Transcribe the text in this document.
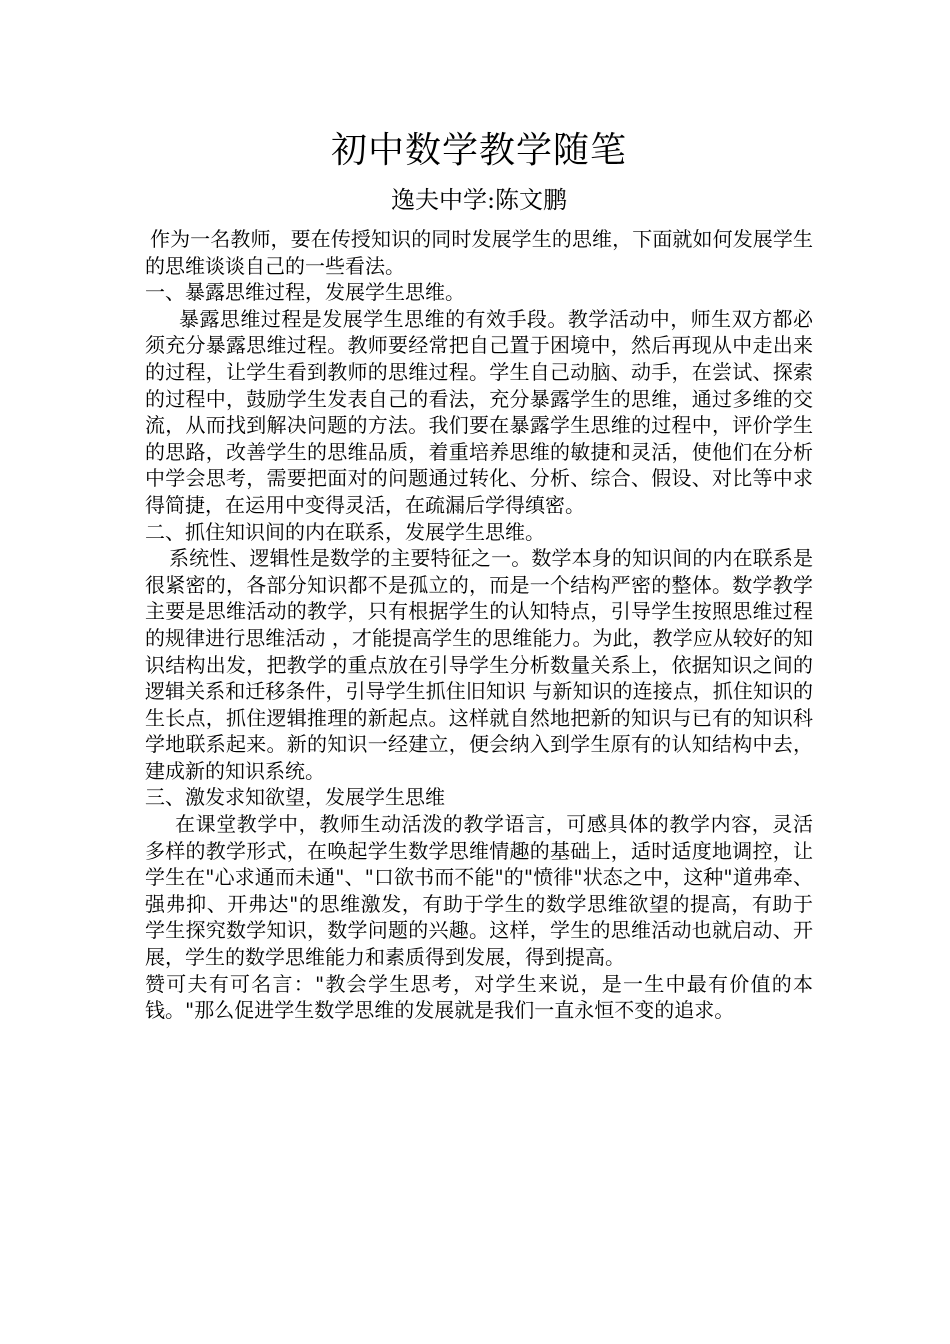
初中数学教学随笔
逸夫中学:陈文鹏

作为一名教师，要在传授知识的同时发展学生的思维，下面就如何发展学生的思维谈谈自己的一些看法。

一、暴露思维过程，发展学生思维。

暴露思维过程是发展学生思维的有效手段。教学活动中，师生双方都必须充分暴露思维过程。教师要经常把自己置于困境中，然后再现从中走出来的过程，让学生看到教师的思维过程。学生自己动脑、动手，在尝试、探索的过程中，鼓励学生发表自己的看法，充分暴露学生的思维，通过多维的交流，从而找到解决问题的方法。我们要在暴露学生思维的过程中，评价学生的思路，改善学生的思维品质，着重培养思维的敏捷和灵活，使他们在分析中学会思考，需要把面对的问题通过转化、分析、综合、假设、对比等中求得简捷，在运用中变得灵活，在疏漏后学得缜密。

二、抓住知识间的内在联系，发展学生思维。

系统性、逻辑性是数学的主要特征之一。数学本身的知识间的内在联系是很紧密的，各部分知识都不是孤立的，而是一个结构严密的整体。数学教学主要是思维活动的教学，只有根据学生的认知特点，引导学生按照思维过程的规律进行思维活动 ，才能提高学生的思维能力。为此，教学应从较好的知识结构出发，把教学的重点放在引导学生分析数量关系上，依据知识之间的逻辑关系和迁移条件，引导学生抓住旧知识 与新知识的连接点，抓住知识的生长点，抓住逻辑推理的新起点。这样就自然地把新的知识与已有的知识科学地联系起来。新的知识一经建立，便会纳入到学生原有的认知结构中去，建成新的知识系统。

三、激发求知欲望，发展学生思维

在课堂教学中，教师生动活泼的教学语言，可感具体的教学内容，灵活多样的教学形式，在唤起学生数学思维情趣的基础上，适时适度地调控，让学生在"心求通而未通"、"口欲书而不能"的"愤徘"状态之中，这种"道弗牵、强弗抑、开弗达"的思维激发，有助于学生的数学思维欲望的提高，有助于学生探究数学知识，数学问题的兴趣。这样，学生的思维活动也就启动、开展，学生的数学思维能力和素质得到发展，得到提高。

赞可夫有可名言："教会学生思考，对学生来说，是一生中最有价值的本钱。"那么促进学生数学思维的发展就是我们一直永恒不变的追求。
